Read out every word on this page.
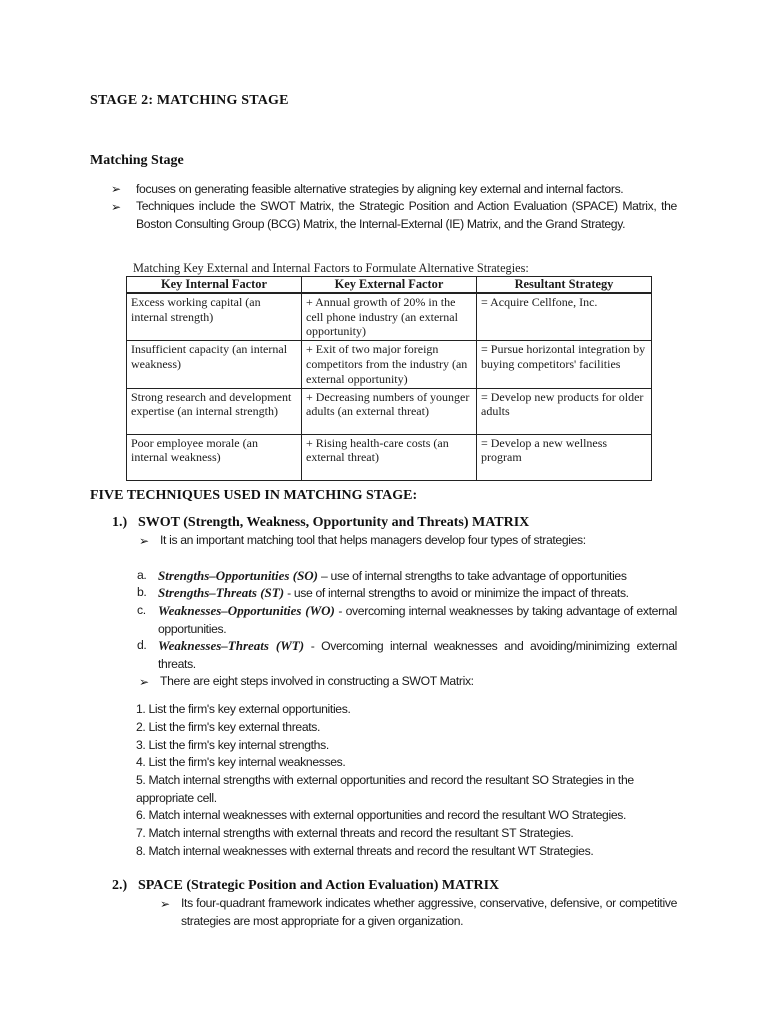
STAGE 2: MATCHING STAGE
Matching Stage
➢ focuses on generating feasible alternative strategies by aligning key external and internal factors.
➢ Techniques include the SWOT Matrix, the Strategic Position and Action Evaluation (SPACE) Matrix, the Boston Consulting Group (BCG) Matrix, the Internal-External (IE) Matrix, and the Grand Strategy.
Matching Key External and Internal Factors to Formulate Alternative Strategies:
Key Internal Factor	Key External Factor	Resultant Strategy
Excess working capital (an internal strength)	+ Annual growth of 20% in the cell phone industry (an external opportunity)	= Acquire Cellfone, Inc.
Insufficient capacity (an internal weakness)	+ Exit of two major foreign competitors from the industry (an external opportunity)	= Pursue horizontal integration by buying competitors' facilities
Strong research and development expertise (an internal strength)	+ Decreasing numbers of younger adults (an external threat)	= Develop new products for older adults
Poor employee morale (an internal weakness)	+ Rising health-care costs (an external threat)	= Develop a new wellness program
FIVE TECHNIQUES USED IN MATCHING STAGE:
1.) SWOT (Strength, Weakness, Opportunity and Threats) MATRIX
➢ It is an important matching tool that helps managers develop four types of strategies:
a. Strengths–Opportunities (SO) – use of internal strengths to take advantage of opportunities
b. Strengths–Threats (ST) - use of internal strengths to avoid or minimize the impact of threats.
c. Weaknesses–Opportunities (WO) - overcoming internal weaknesses by taking advantage of external opportunities.
d. Weaknesses–Threats (WT) - Overcoming internal weaknesses and avoiding/minimizing external threats.
➢ There are eight steps involved in constructing a SWOT Matrix:
1. List the firm's key external opportunities.
2. List the firm's key external threats.
3. List the firm's key internal strengths.
4. List the firm's key internal weaknesses.
5. Match internal strengths with external opportunities and record the resultant SO Strategies in the appropriate cell.
6. Match internal weaknesses with external opportunities and record the resultant WO Strategies.
7. Match internal strengths with external threats and record the resultant ST Strategies.
8. Match internal weaknesses with external threats and record the resultant WT Strategies.
2.) SPACE (Strategic Position and Action Evaluation) MATRIX
➢ Its four-quadrant framework indicates whether aggressive, conservative, defensive, or competitive strategies are most appropriate for a given organization.
